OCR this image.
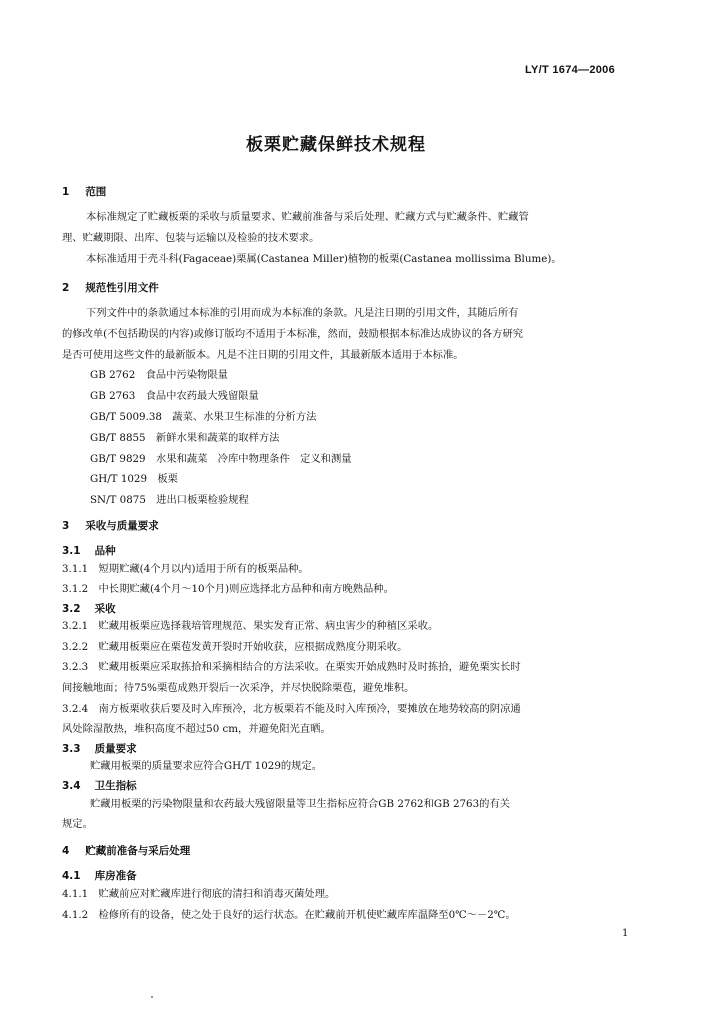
LY/T 1674—2006
板栗贮藏保鲜技术规程
1 范围
本标准规定了贮藏板栗的采收与质量要求、贮藏前准备与采后处理、贮藏方式与贮藏条件、贮藏管
理、贮藏期限、出库、包装与运输以及检验的技术要求。
本标准适用于壳斗科(Fagaceae)栗属(Castanea Miller)植物的板栗(Castanea mollissima Blume)。
2 规范性引用文件
下列文件中的条款通过本标准的引用而成为本标准的条款。凡是注日期的引用文件，其随后所有
的修改单(不包括勘误的内容)或修订版均不适用于本标准，然而，鼓励根据本标准达成协议的各方研究
是否可使用这些文件的最新版本。凡是不注日期的引用文件，其最新版本适用于本标准。
GB 2762　食品中污染物限量
GB 2763　食品中农药最大残留限量
GB/T 5009.38　蔬菜、水果卫生标准的分析方法
GB/T 8855　新鲜水果和蔬菜的取样方法
GB/T 9829　水果和蔬菜　冷库中物理条件　定义和测量
GH/T 1029　板栗
SN/T 0875　进出口板栗检验规程
3 采收与质量要求
3.1 品种
3.1.1　短期贮藏(4个月以内)适用于所有的板栗品种。
3.1.2　中长期贮藏(4个月～10个月)则应选择北方品种和南方晚熟品种。
3.2 采收
3.2.1　贮藏用板栗应选择栽培管理规范、果实发育正常、病虫害少的种植区采收。
3.2.2　贮藏用板栗应在栗苞发黄开裂时开始收获，应根据成熟度分期采收。
3.2.3　贮藏用板栗应采取拣拾和采摘相结合的方法采收。在栗实开始成熟时及时拣拾，避免栗实长时
间接触地面；待75%栗苞成熟开裂后一次采净，并尽快脱除栗苞，避免堆积。
3.2.4　南方板栗收获后要及时入库预冷，北方板栗若不能及时入库预冷，要摊放在地势较高的阴凉通
风处除湿散热，堆积高度不超过50 cm，并避免阳光直晒。
3.3 质量要求
贮藏用板栗的质量要求应符合GH/T 1029的规定。
3.4 卫生指标
贮藏用板栗的污染物限量和农药最大残留限量等卫生指标应符合GB 2762和GB 2763的有关
规定。
4 贮藏前准备与采后处理
4.1 库房准备
4.1.1　贮藏前应对贮藏库进行彻底的清扫和消毒灭菌处理。
4.1.2　检修所有的设备，使之处于良好的运行状态。在贮藏前开机使贮藏库库温降至0℃～－2℃。
1
